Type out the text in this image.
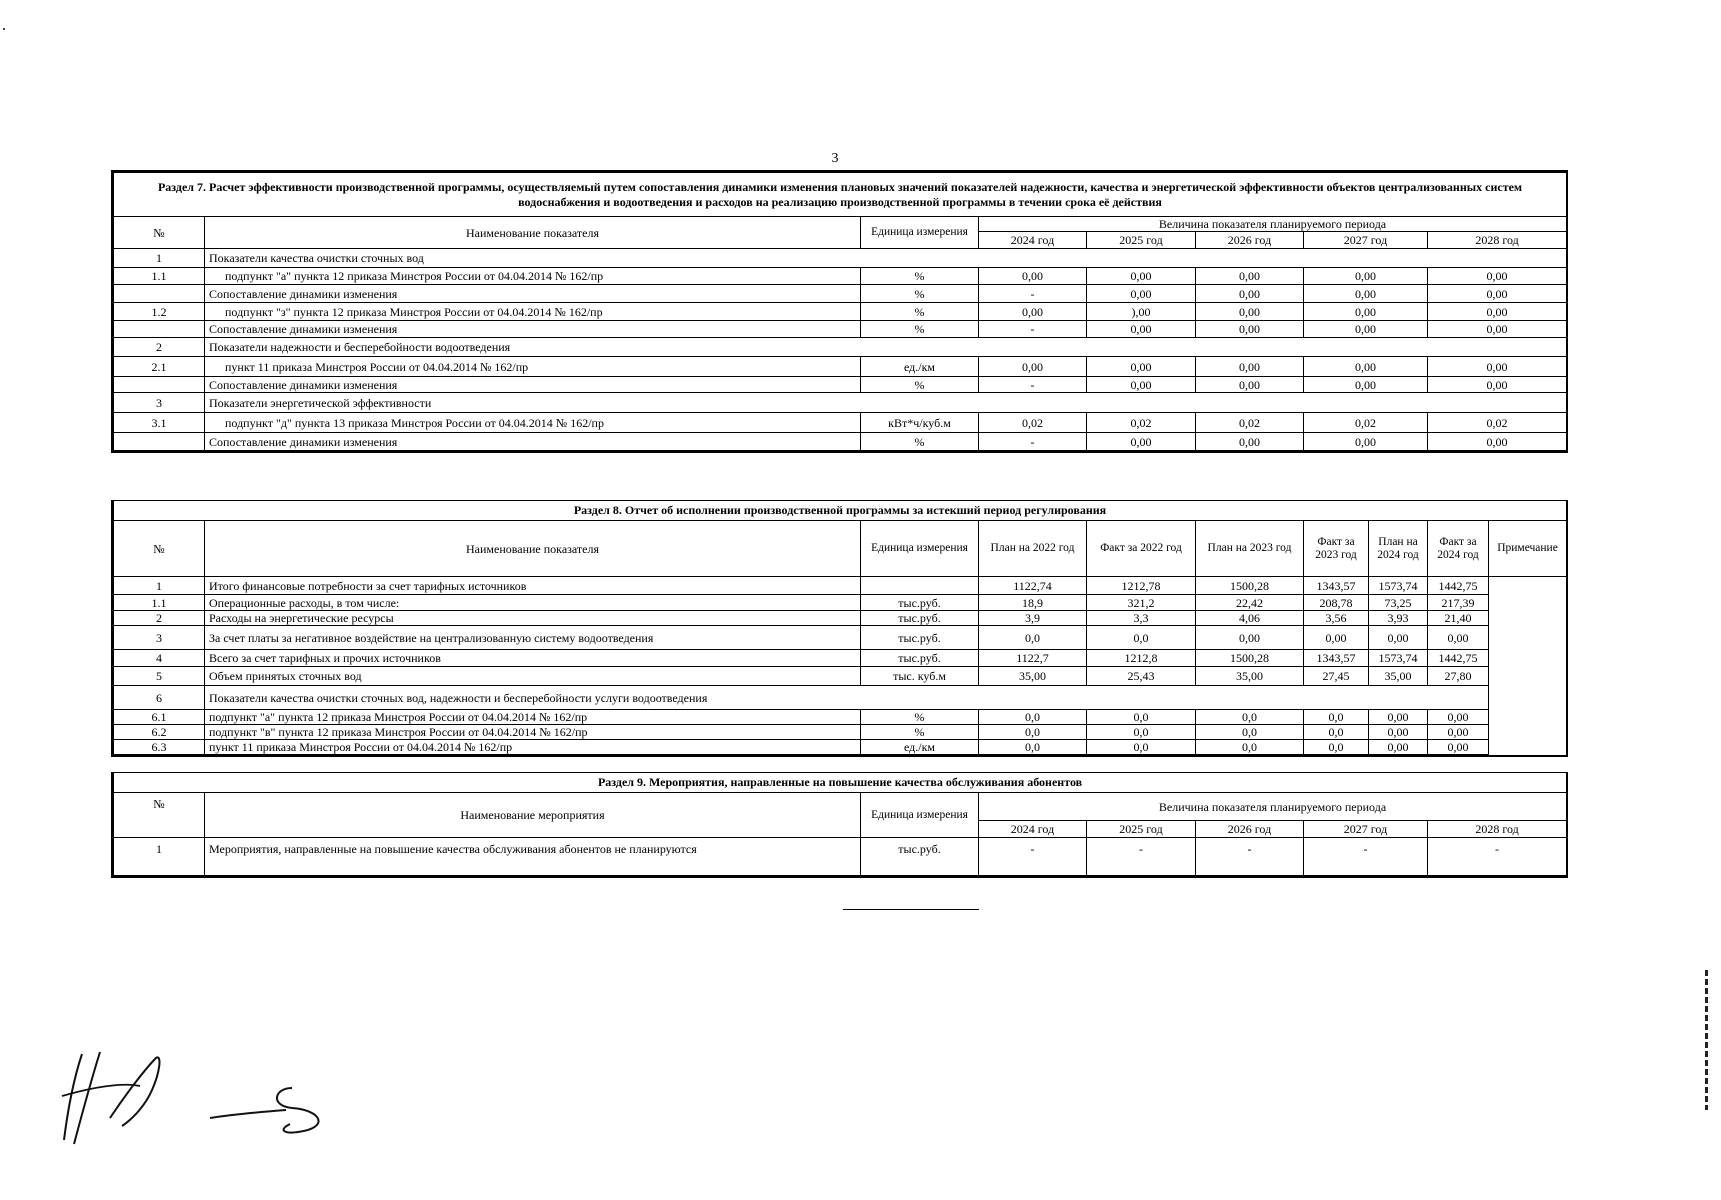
3
Раздел 7. Расчет эффективности производственной программы, осуществляемый путем сопоставления динамики изменения плановых значений показателей надежности, качества и энергетической эффективности объектов централизованных систем водоснабжения и водоотведения и расходов на реализацию производственной программы в течении срока её действия							
№	Наименование показателя	Единица измерения	Величина показателя планируемого периода				
			2024 год	2025 год	2026 год	2027 год	2028 год
1	Показатели качества очистки сточных вод						
1.1	подпункт "а" пункта 12 приказа Минстроя России от 04.04.2014 № 162/пр	%	0,00	0,00	0,00	0,00	0,00
	Сопоставление динамики изменения	%	-	0,00	0,00	0,00	0,00
1.2	подпункт "з" пункта 12 приказа Минстроя России от 04.04.2014 № 162/пр	%	0,00	),00	0,00	0,00	0,00
	Сопоставление динамики изменения	%	-	0,00	0,00	0,00	0,00
2	Показатели надежности и бесперебойности водоотведения						
2.1	пункт 11 приказа Минстроя России от 04.04.2014 № 162/пр	ед./км	0,00	0,00	0,00	0,00	0,00
	Сопоставление динамики изменения	%	-	0,00	0,00	0,00	0,00
3	Показатели энергетической эффективности						
3.1	подпункт "д" пункта 13 приказа Минстроя России от 04.04.2014 № 162/пр	кВт*ч/куб.м	0,02	0,02	0,02	0,02	0,02
	Сопоставление динамики изменения	%	-	0,00	0,00	0,00	0,00
Раздел 8. Отчет об исполнении производственной программы за истекший период регулирования									
№	Наименование показателя	Единица измерения	План на 2022 год	Факт за 2022 год	План на 2023 год	Факт за 2023 год	План на 2024 год	Факт за 2024 год	Примечание
1	Итого финансовые потребности за счет тарифных источников		1122,74	1212,78	1500,28	1343,57	1573,74	1442,75	
1.1	Операционные расходы, в том числе:	тыс.руб.	18,9	321,2	22,42	208,78	73,25	217,39	
2	Расходы на энергетические ресурсы	тыс.руб.	3,9	3,3	4,06	3,56	3,93	21,40	
3	За счет платы за негативное воздействие на централизованную систему водоотведения	тыс.руб.	0,0	0,0	0,00	0,00	0,00	0,00	
4	Всего за счет тарифных и прочих источников	тыс.руб.	1122,7	1212,8	1500,28	1343,57	1573,74	1442,75	
5	Объем принятых сточных вод	тыс. куб.м	35,00	25,43	35,00	27,45	35,00	27,80	
6	Показатели качества очистки сточных вод, надежности и бесперебойности услуги водоотведения								
6.1	подпункт "а" пункта 12 приказа Минстроя России от 04.04.2014 № 162/пр	%	0,0	0,0	0,0	0,0	0,00	0,00	
6.2	подпункт "в" пункта 12 приказа Минстроя России от 04.04.2014 № 162/пр	%	0,0	0,0	0,0	0,0	0,00	0,00	
6.3	пункт 11 приказа Минстроя России от 04.04.2014 № 162/пр	ед./км	0,0	0,0	0,0	0,0	0,00	0,00	
Раздел 9. Мероприятия, направленные на повышение качества обслуживания абонентов							
№	Наименование мероприятия	Единица измерения	Величина показателя планируемого периода				
			2024 год	2025 год	2026 год	2027 год	2028 год
1	Мероприятия, направленные на повышение качества обслуживания абонентов не планируются	тыс.руб.	-	-	-	-	-
